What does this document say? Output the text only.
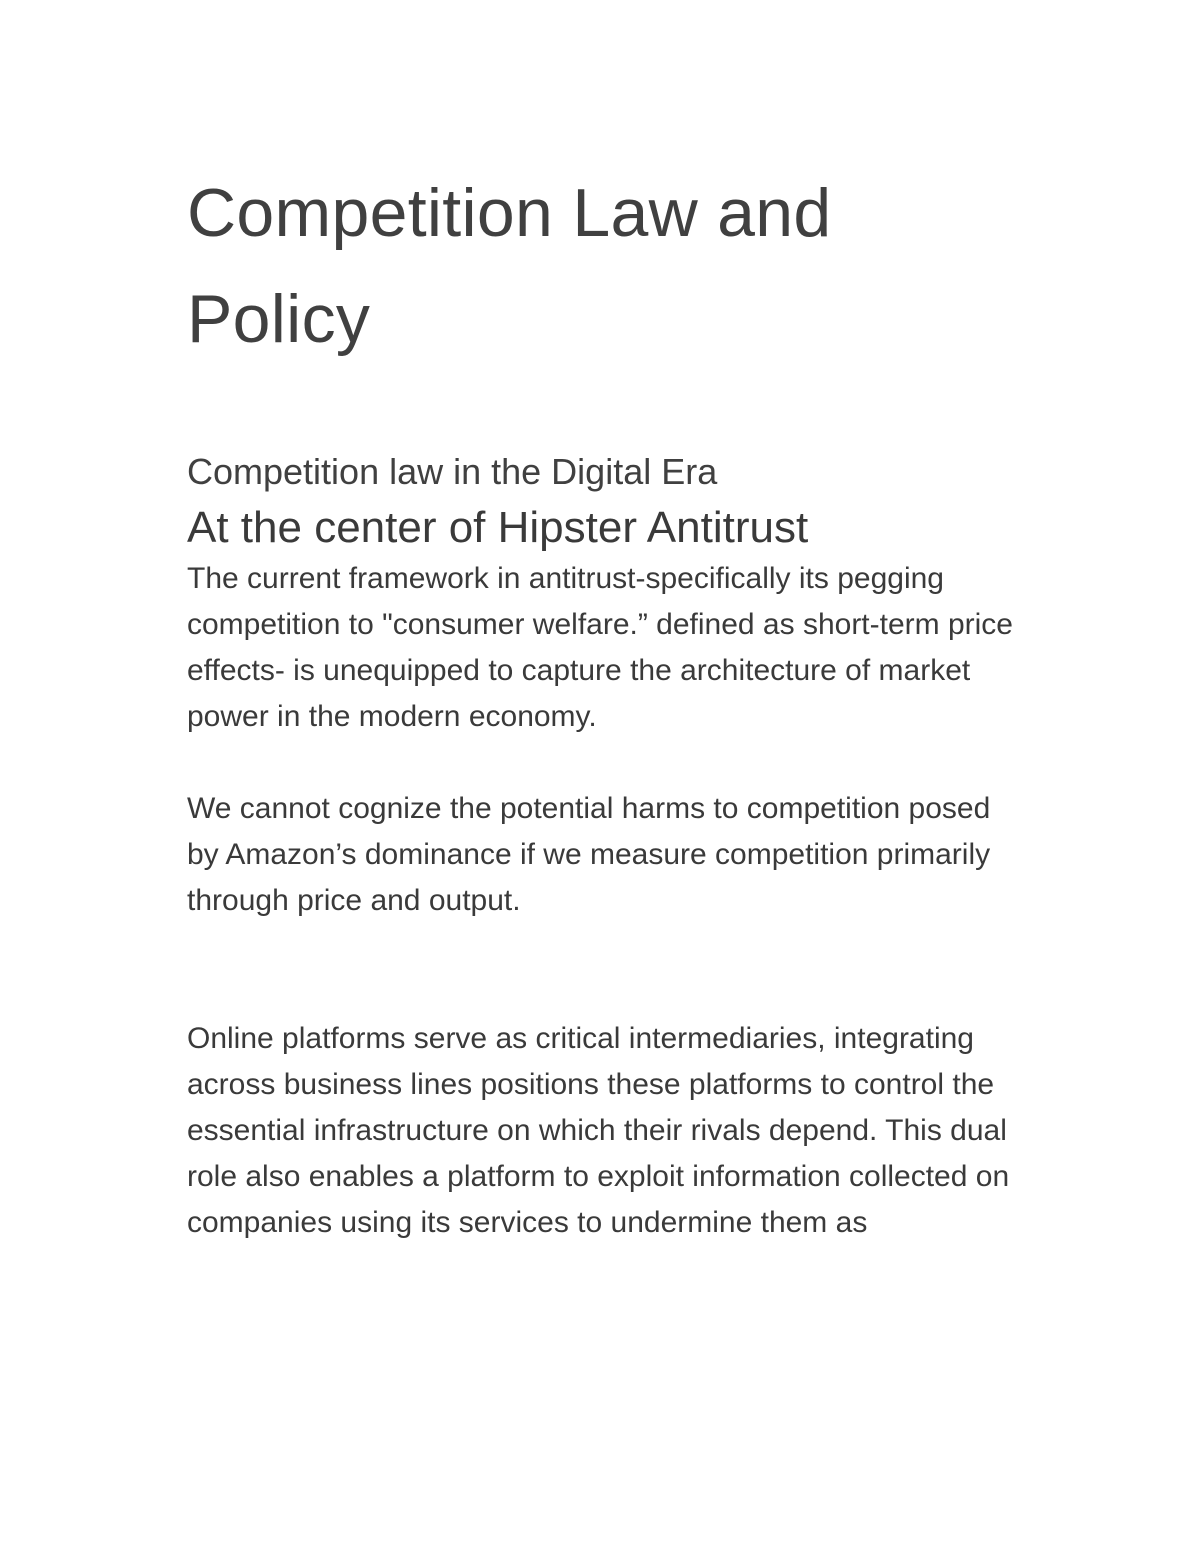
Competition Law and Policy
Competition law in the Digital Era
At the center of Hipster Antitrust

The current framework in antitrust-specifically its pegging competition to "consumer welfare.” defined as short-term price effects- is unequipped to capture the architecture of market power in the modern economy.

We cannot cognize the potential harms to competition posed by Amazon’s dominance if we measure competition primarily through price and output.

Online platforms serve as critical intermediaries, integrating across business lines positions these platforms to control the essential infrastructure on which their rivals depend. This dual role also enables a platform to exploit information collected on companies using its services to undermine them as
